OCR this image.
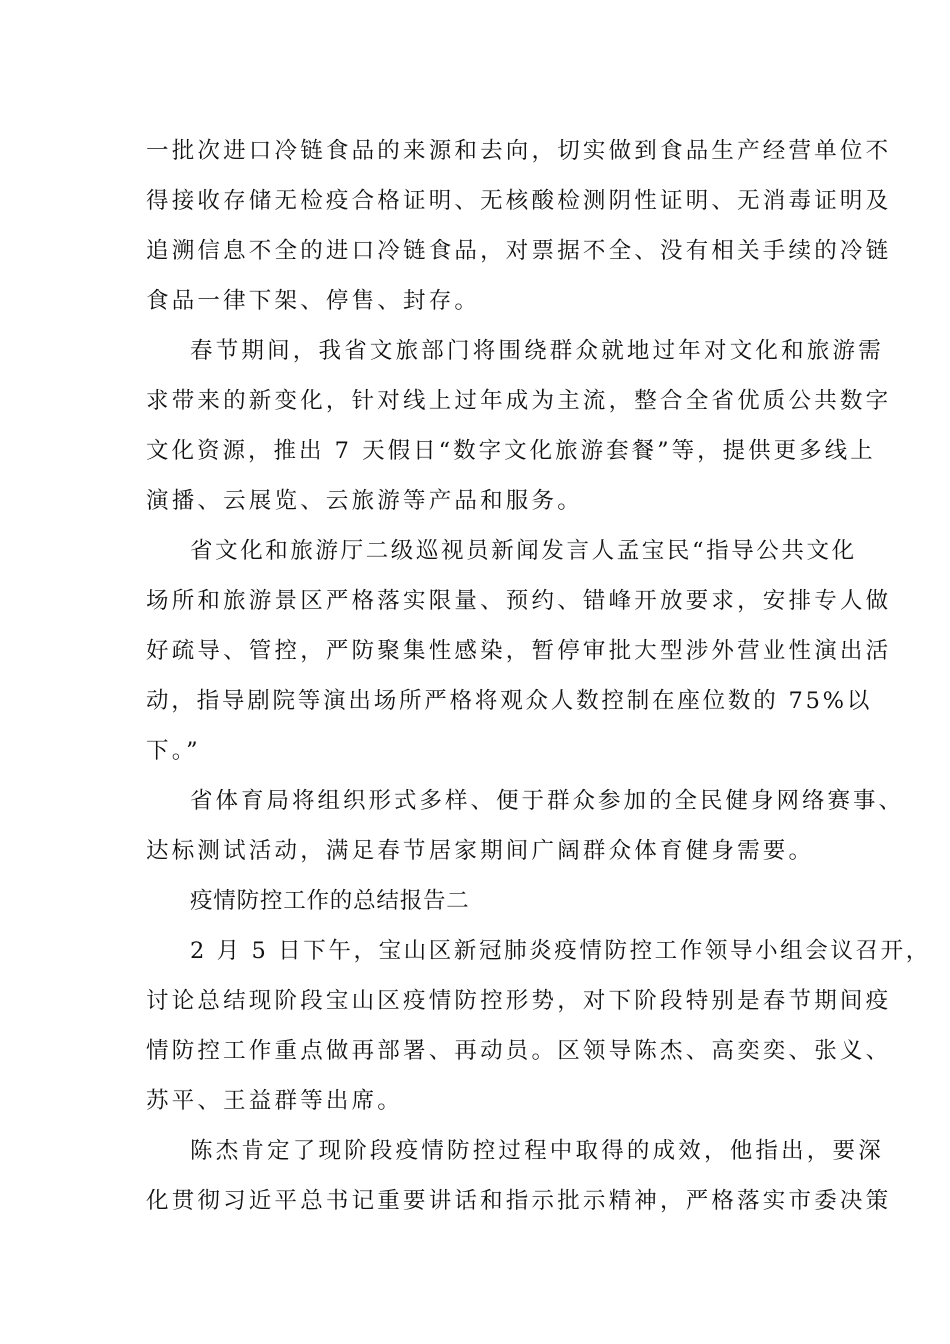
一批次进口冷链食品的来源和去向，切实做到食品生产经营单位不
得接收存储无检疫合格证明、无核酸检测阴性证明、无消毒证明及
追溯信息不全的进口冷链食品，对票据不全、没有相关手续的冷链
食品一律下架、停售、封存。
春节期间，我省文旅部门将围绕群众就地过年对文化和旅游需
求带来的新变化，针对线上过年成为主流，整合全省优质公共数字
文化资源，推出 7 天假日“数字文化旅游套餐”等，提供更多线上
演播、云展览、云旅游等产品和服务。
省文化和旅游厅二级巡视员新闻发言人孟宝民“指导公共文化
场所和旅游景区严格落实限量、预约、错峰开放要求，安排专人做
好疏导、管控，严防聚集性感染，暂停审批大型涉外营业性演出活
动，指导剧院等演出场所严格将观众人数控制在座位数的 75%以
下。”
省体育局将组织形式多样、便于群众参加的全民健身网络赛事、
达标测试活动，满足春节居家期间广阔群众体育健身需要。
疫情防控工作的总结报告二
2 月 5 日下午，宝山区新冠肺炎疫情防控工作领导小组会议召开，
讨论总结现阶段宝山区疫情防控形势，对下阶段特别是春节期间疫
情防控工作重点做再部署、再动员。区领导陈杰、高奕奕、张义、
苏平、王益群等出席。
陈杰肯定了现阶段疫情防控过程中取得的成效，他指出，要深
化贯彻习近平总书记重要讲话和指示批示精神，严格落实市委决策
